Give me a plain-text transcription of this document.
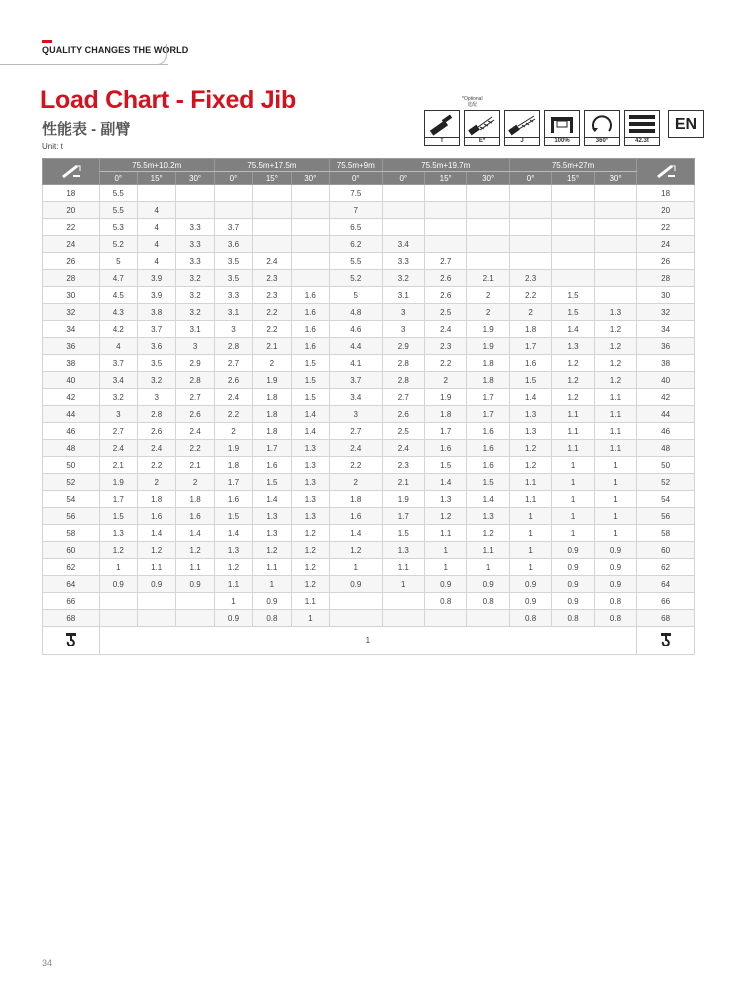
QUALITY CHANGES THE WORLD
Load Chart - Fixed Jib
性能表 - 副臂
Unit: t
*Optional
选配
T	E*	J	100%	360°	42.3t
EN
	75.5m+10.2m			75.5m+17.5m			75.5m+9m	75.5m+19.7m			75.5m+27m	
	0°	15°	30°	0°	15°	30°	0°	0°	15°	30°	0°	15°	30°	
18	5.5						7.5							18
20	5.5	4					7							20
22	5.3	4	3.3	3.7			6.5							22
24	5.2	4	3.3	3.6			6.2	3.4						24
26	5	4	3.3	3.5	2.4		5.5	3.3	2.7					26
28	4.7	3.9	3.2	3.5	2.3		5.2	3.2	2.6	2.1	2.3			28
30	4.5	3.9	3.2	3.3	2.3	1.6	5	3.1	2.6	2	2.2	1.5		30
32	4.3	3.8	3.2	3.1	2.2	1.6	4.8	3	2.5	2	2	1.5	1.3	32
34	4.2	3.7	3.1	3	2.2	1.6	4.6	3	2.4	1.9	1.8	1.4	1.2	34
36	4	3.6	3	2.8	2.1	1.6	4.4	2.9	2.3	1.9	1.7	1.3	1.2	36
38	3.7	3.5	2.9	2.7	2	1.5	4.1	2.8	2.2	1.8	1.6	1.2	1.2	38
40	3.4	3.2	2.8	2.6	1.9	1.5	3.7	2.8	2	1.8	1.5	1.2	1.2	40
42	3.2	3	2.7	2.4	1.8	1.5	3.4	2.7	1.9	1.7	1.4	1.2	1.1	42
44	3	2.8	2.6	2.2	1.8	1.4	3	2.6	1.8	1.7	1.3	1.1	1.1	44
46	2.7	2.6	2.4	2	1.8	1.4	2.7	2.5	1.7	1.6	1.3	1.1	1.1	46
48	2.4	2.4	2.2	1.9	1.7	1.3	2.4	2.4	1.6	1.6	1.2	1.1	1.1	48
50	2.1	2.2	2.1	1.8	1.6	1.3	2.2	2.3	1.5	1.6	1.2	1	1	50
52	1.9	2	2	1.7	1.5	1.3	2	2.1	1.4	1.5	1.1	1	1	52
54	1.7	1.8	1.8	1.6	1.4	1.3	1.8	1.9	1.3	1.4	1.1	1	1	54
56	1.5	1.6	1.6	1.5	1.3	1.3	1.6	1.7	1.2	1.3	1	1	1	56
58	1.3	1.4	1.4	1.4	1.3	1.2	1.4	1.5	1.1	1.2	1	1	1	58
60	1.2	1.2	1.2	1.3	1.2	1.2	1.2	1.3	1	1.1	1	0.9	0.9	60
62	1	1.1	1.1	1.2	1.1	1.2	1	1.1	1	1	1	0.9	0.9	62
64	0.9	0.9	0.9	1.1	1	1.2	0.9	1	0.9	0.9	0.9	0.9	0.9	64
66				1	0.9	1.1			0.8	0.8	0.9	0.9	0.8	66
68				0.9	0.8	1					0.8	0.8	0.8	68
	1	
34
